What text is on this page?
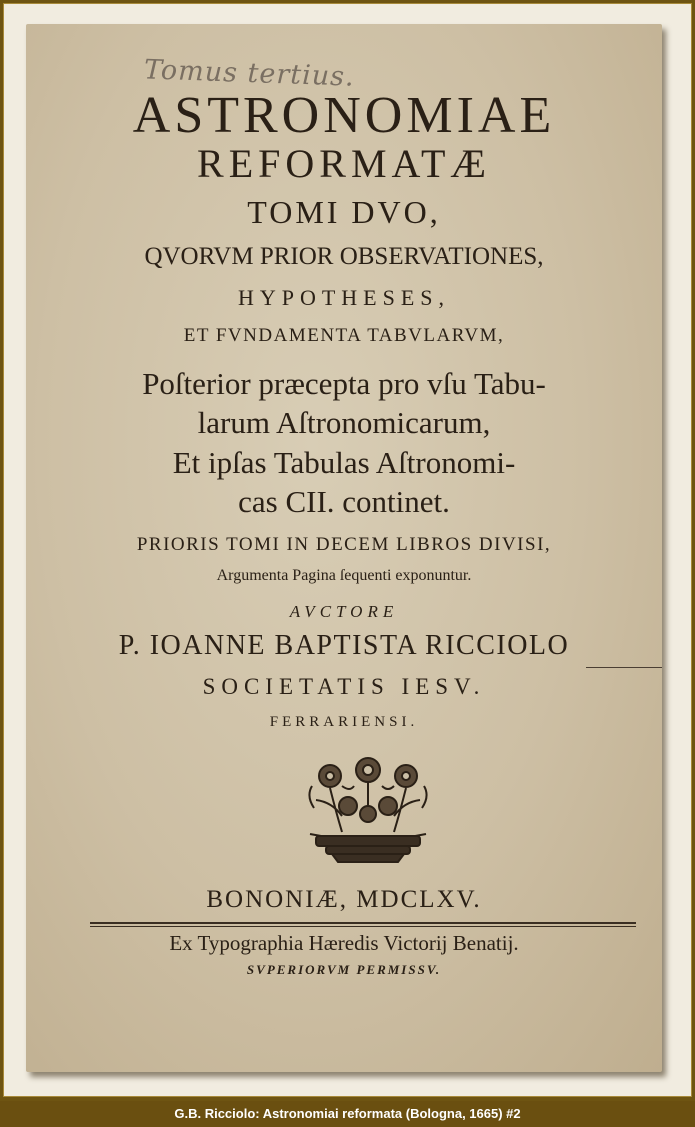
Tomus tertius.
ASTRONOMIAE
REFORMATÆ
TOMI DVO,
QVORVM PRIOR OBSERVATIONES,
HYPOTHESES,
ET FVNDAMENTA TABVLARVM,
Poſterior præcepta pro vſu Tabu-
larum Aſtronomicarum,
Et ipſas Tabulas Aſtronomi-
cas CII. continet.
PRIORIS TOMI IN DECEM LIBROS DIVISI,
Argumenta Pagina ſequenti exponuntur.
AVCTORE
P. IOANNE BAPTISTA RICCIOLO
SOCIETATIS IESV.
FERRARIENSI.
BONONIÆ, MDCLXV.
Ex Typographia Hæredis Victorij Benatij.
SVPERIORVM PERMISSV.
G.B. Ricciolo: Astronomiai reformata (Bologna, 1665) #2
